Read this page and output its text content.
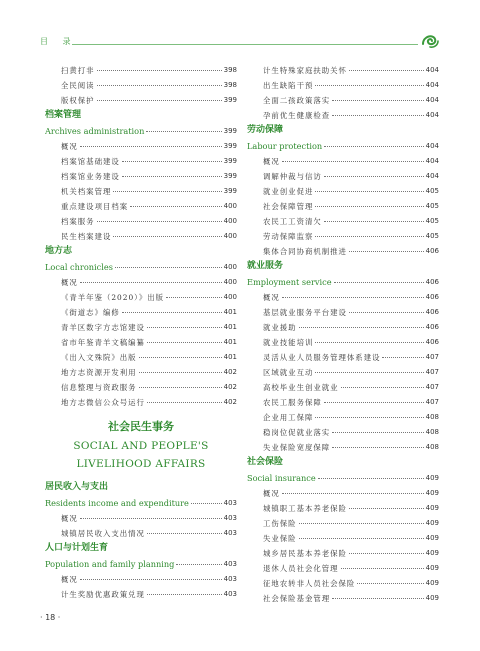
目 录
扫黄打非	398
全民阅读	398
版权保护	399
档案管理
Archives administration	399
概况	399
档案馆基础建设	399
档案馆业务建设	399
机关档案管理	399
重点建设项目档案	400
档案服务	400
民生档案建设	400
地方志
Local chronicles	400
概况	400
《青羊年鉴（2020）》出版	400
《街道志》编修	401
青羊区数字方志馆建设	401
省市年鉴青羊文稿编纂	401
《出入文殊院》出版	401
地方志资源开发利用	402
信息整理与资政服务	402
地方志微信公众号运行	402
社会民生事务
SOCIAL AND PEOPLE'S
LIVELIHOOD AFFAIRS
居民收入与支出
Residents income and expenditure	403
概况	403
城镇居民收入支出情况	403
人口与计划生育
Population and family planning	403
概况	403
计生奖励优惠政策兑现	403
计生特殊家庭扶助关怀	404
出生缺陷干预	404
全面二孩政策落实	404
孕前优生健康检查	404
劳动保障
Labour protection	404
概况	404
调解仲裁与信访	404
就业创业促进	405
社会保障管理	405
农民工工资清欠	405
劳动保障监察	405
集体合同协商机制推进	406
就业服务
Employment service	406
概况	406
基层就业服务平台建设	406
就业援助	406
就业技能培训	406
灵活从业人员服务管理体系建设	407
区域就业互动	407
高校毕业生创业就业	407
农民工服务保障	407
企业用工保障	408
稳岗位促就业落实	408
失业保险宽度保障	408
社会保险
Social insurance	409
概况	409
城镇职工基本养老保险	409
工伤保险	409
失业保险	409
城乡居民基本养老保险	409
退休人员社会化管理	409
征地农转非人员社会保险	409
社会保险基金管理	409
· 18 ·
